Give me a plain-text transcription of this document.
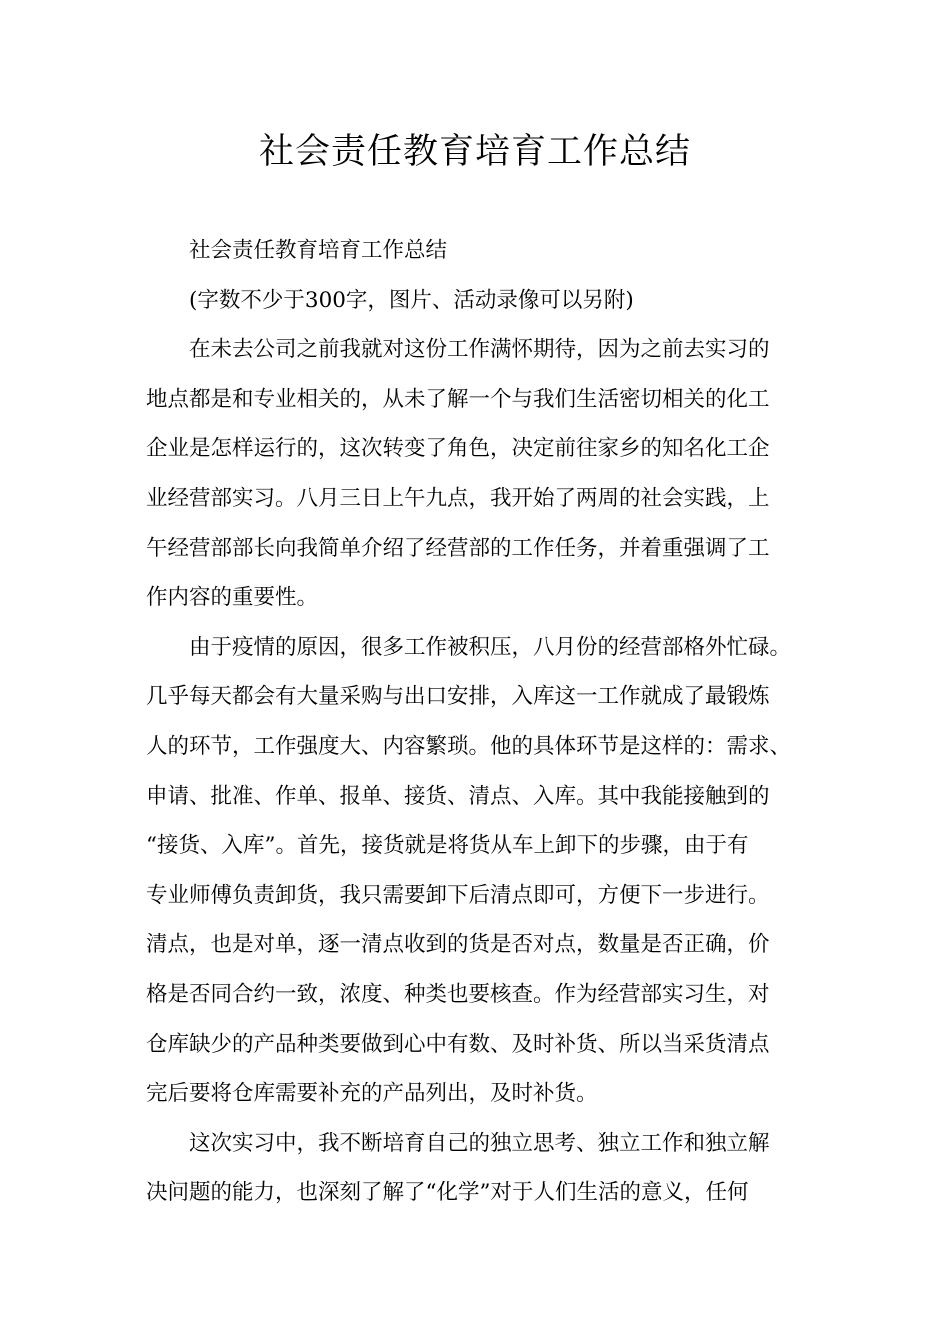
社会责任教育培育工作总结

社会责任教育培育工作总结

(字数不少于300字，图片、活动录像可以另附)

在未去公司之前我就对这份工作满怀期待，因为之前去实习的
地点都是和专业相关的，从未了解一个与我们生活密切相关的化工
企业是怎样运行的，这次转变了角色，决定前往家乡的知名化工企
业经营部实习。八月三日上午九点，我开始了两周的社会实践，上
午经营部部长向我简单介绍了经营部的工作任务，并着重强调了工
作内容的重要性。

由于疫情的原因，很多工作被积压，八月份的经营部格外忙碌。
几乎每天都会有大量采购与出口安排，入库这一工作就成了最锻炼
人的环节，工作强度大、内容繁琐。他的具体环节是这样的：需求、
申请、批准、作单、报单、接货、清点、入库。其中我能接触到的
“接货、入库”。首先，接货就是将货从车上卸下的步骤，由于有
专业师傅负责卸货，我只需要卸下后清点即可，方便下一步进行。
清点，也是对单，逐一清点收到的货是否对点，数量是否正确，价
格是否同合约一致，浓度、种类也要核查。作为经营部实习生，对
仓库缺少的产品种类要做到心中有数、及时补货、所以当采货清点
完后要将仓库需要补充的产品列出，及时补货。

这次实习中，我不断培育自己的独立思考、独立工作和独立解
决问题的能力，也深刻了解了“化学”对于人们生活的意义，任何
